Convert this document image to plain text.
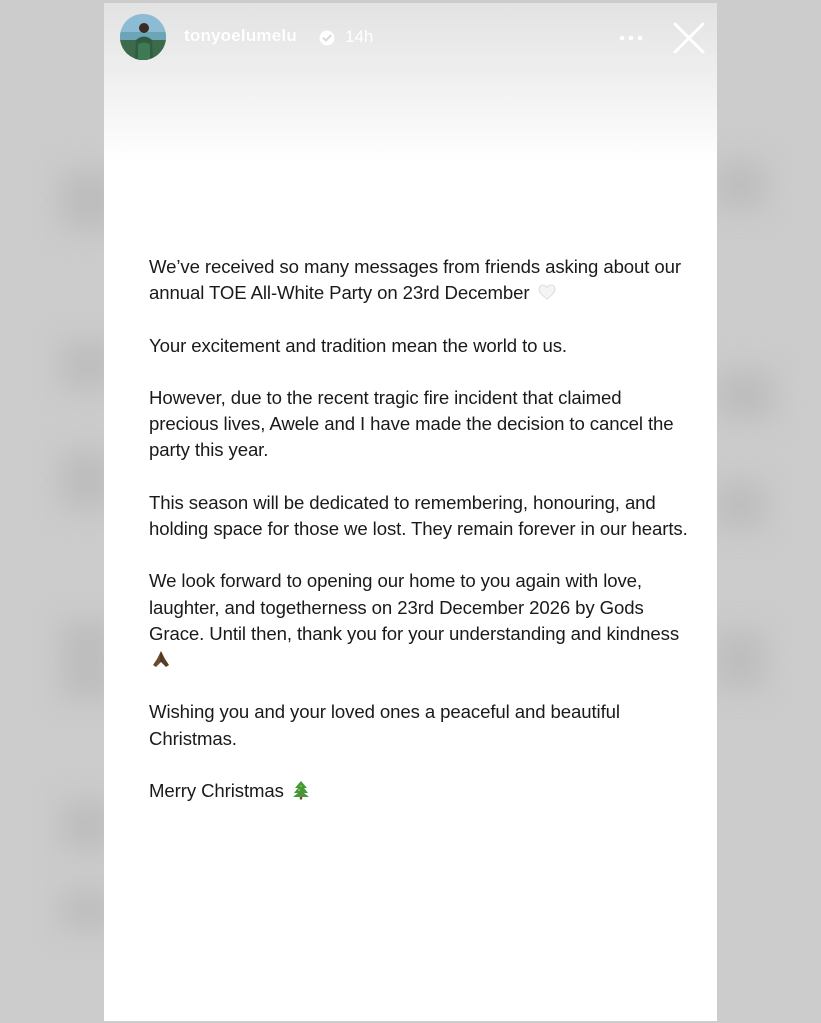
tonyoelumelu	14h

We’ve received so many messages from friends asking about our annual TOE All-White Party on 23rd December

Your excitement and tradition mean the world to us.

However, due to the recent tragic fire incident that claimed precious lives, Awele and I have made the decision to cancel the party this year.

This season will be dedicated to remembering, honouring, and holding space for those we lost. They remain forever in our hearts.

We look forward to opening our home to you again with love, laughter, and togetherness on 23rd December 2026 by Gods Grace. Until then, thank you for your understanding and kindness

Wishing you and your loved ones a peaceful and beautiful Christmas.

Merry Christmas
